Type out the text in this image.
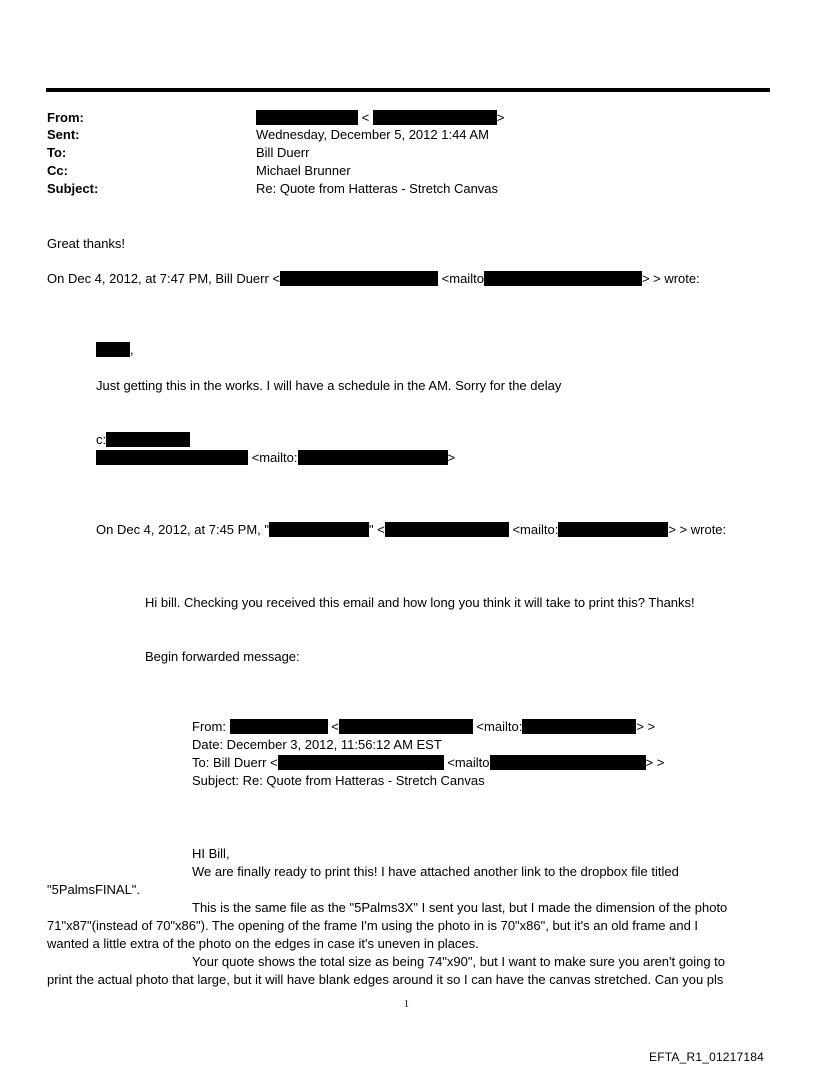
From:	<	>
Sent:	Wednesday, December 5, 2012 1:44 AM
To:	Bill Duerr
Cc:	Michael Brunner
Subject:	Re: Quote from Hatteras - Stretch Canvas
Great thanks!
On Dec 4, 2012, at 7:47 PM, Bill Duerr <	<mailto	> > wrote:
,
Just getting this in the works. I will have a schedule in the AM. Sorry for the delay
c:
<mailto:	>
On Dec 4, 2012, at 7:45 PM, "	" <	<mailto:	> > wrote:
Hi bill. Checking you received this email and how long you think it will take to print this? Thanks!
Begin forwarded message:
From:	<	<mailto:	> >
Date: December 3, 2012, 11:56:12 AM EST
To: Bill Duerr <	<mailto	> >
Subject: Re: Quote from Hatteras - Stretch Canvas
HI Bill,
We are finally ready to print this! I have attached another link to the dropbox file titled
"5PalmsFINAL".
This is the same file as the "5Palms3X" I sent you last, but I made the dimension of the photo
71"x87"(instead of 70"x86"). The opening of the frame I'm using the photo in is 70"x86", but it's an old frame and I
wanted a little extra of the photo on the edges in case it's uneven in places.
Your quote shows the total size as being 74"x90", but I want to make sure you aren't going to
print the actual photo that large, but it will have blank edges around it so I can have the canvas stretched. Can you pls
1
EFTA_R1_01217184
